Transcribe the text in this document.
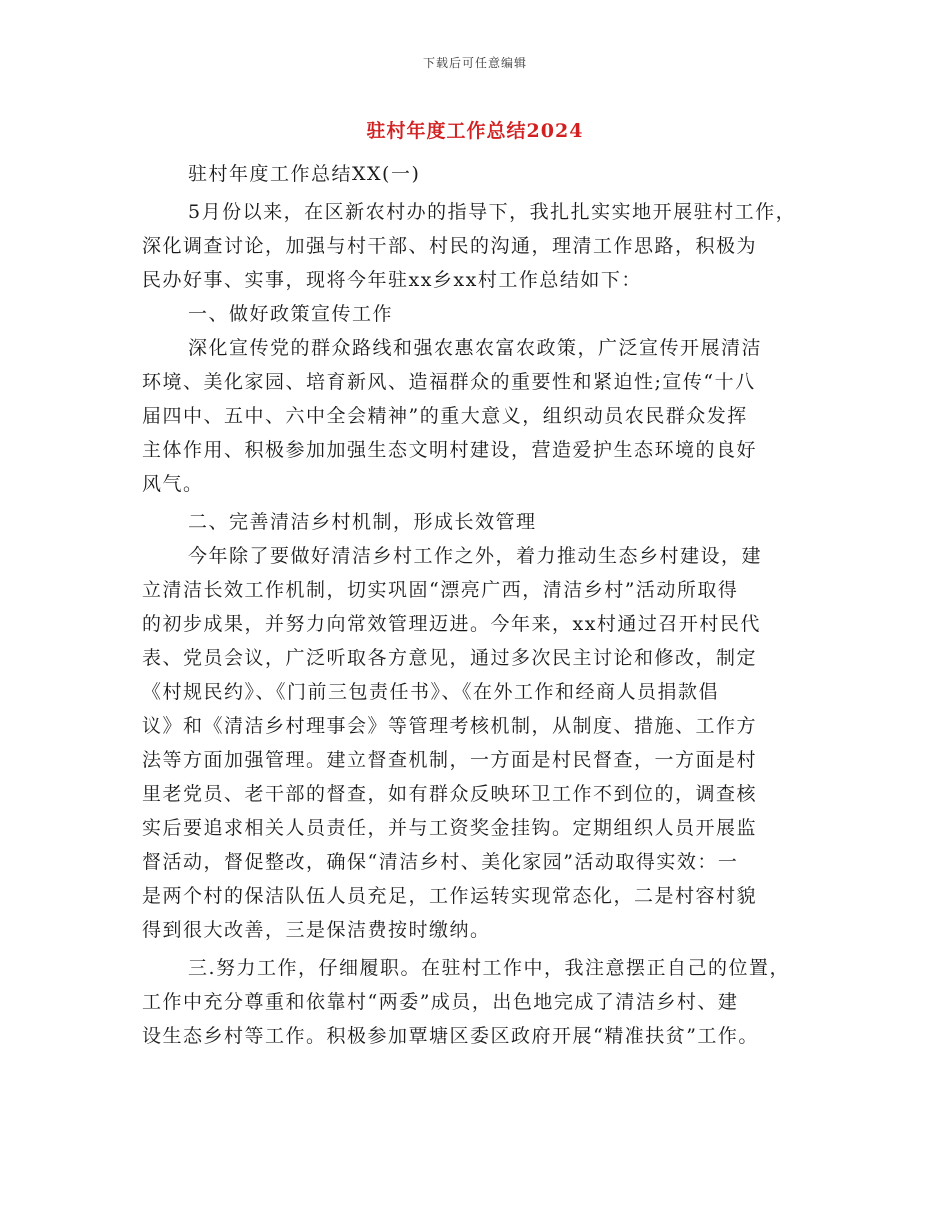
下载后可任意编辑
驻村年度工作总结2024
驻村年度工作总结XX(一)
5月份以来，在区新农村办的指导下，我扎扎实实地开展驻村工作，
深化调查讨论，加强与村干部、村民的沟通，理清工作思路，积极为
民办好事、实事，现将今年驻xx乡xx村工作总结如下：
一、做好政策宣传工作
深化宣传党的群众路线和强农惠农富农政策，广泛宣传开展清洁
环境、美化家园、培育新风、造福群众的重要性和紧迫性;宣传“十八
届四中、五中、六中全会精神”的重大意义，组织动员农民群众发挥
主体作用、积极参加加强生态文明村建设，营造爱护生态环境的良好
风气。
二、完善清洁乡村机制，形成长效管理
今年除了要做好清洁乡村工作之外，着力推动生态乡村建设，建
立清洁长效工作机制，切实巩固“漂亮广西，清洁乡村”活动所取得
的初步成果，并努力向常效管理迈进。今年来，xx村通过召开村民代
表、党员会议，广泛听取各方意见，通过多次民主讨论和修改，制定
《村规民约》、《门前三包责任书》、《在外工作和经商人员捐款倡
议》和《清洁乡村理事会》等管理考核机制，从制度、措施、工作方
法等方面加强管理。建立督查机制，一方面是村民督查，一方面是村
里老党员、老干部的督查，如有群众反映环卫工作不到位的，调查核
实后要追求相关人员责任，并与工资奖金挂钩。定期组织人员开展监
督活动，督促整改，确保“清洁乡村、美化家园”活动取得实效：一
是两个村的保洁队伍人员充足，工作运转实现常态化，二是村容村貌
得到很大改善，三是保洁费按时缴纳。
三.努力工作，仔细履职。在驻村工作中，我注意摆正自己的位置，
工作中充分尊重和依靠村“两委”成员，出色地完成了清洁乡村、建
设生态乡村等工作。积极参加覃塘区委区政府开展“精准扶贫”工作。
